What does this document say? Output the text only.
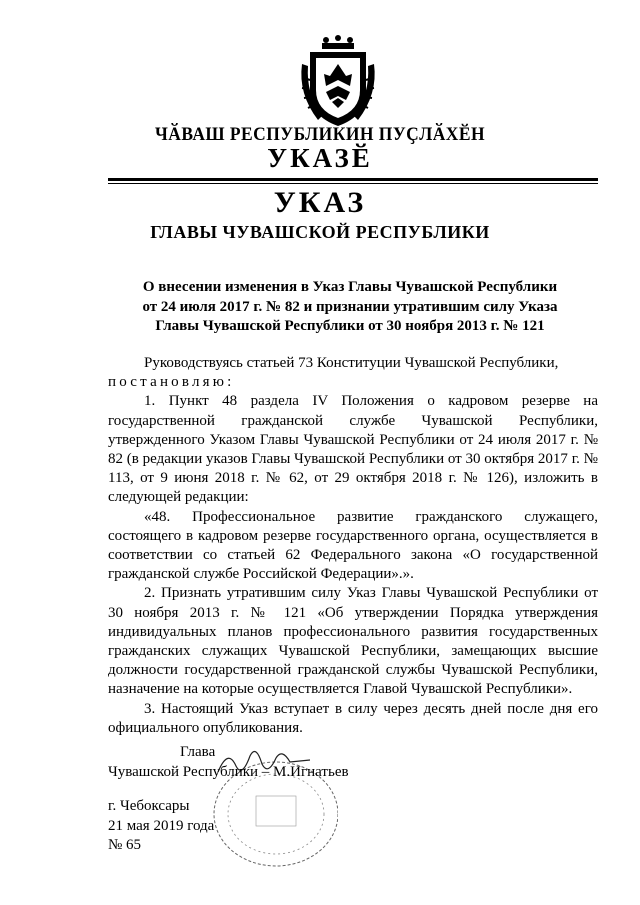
ЧӐВАШ РЕСПУБЛИКИН ПУҪЛӐХӖН
УКАЗӖ
УКАЗ
ГЛАВЫ ЧУВАШСКОЙ РЕСПУБЛИКИ
О внесении изменения в Указ Главы Чувашской Республики
от 24 июля 2017 г. № 82 и признании утратившим силу Указа
Главы Чувашской Республики от 30 ноября 2013 г. № 121

Руководствуясь статьей 73 Конституции Чувашской Республики,

постановляю:

1. Пункт 48 раздела IV Положения о кадровом резерве на государственной гражданской службе Чувашской Республики, утвержденного Указом Главы Чувашской Республики от 24 июля 2017 г. № 82 (в редакции указов Главы Чувашской Республики от 30 октября 2017 г. № 113, от 9 июня 2018 г. № 62, от 29 октября 2018 г. № 126), изложить в следующей редакции:

«48. Профессиональное развитие гражданского служащего, состоящего в кадровом резерве государственного органа, осуществляется в соответствии со статьей 62 Федерального закона «О государственной гражданской службе Российской Федерации».».

2. Признать утратившим силу Указ Главы Чувашской Республики от 30 ноября 2013 г. № 121 «Об утверждении Порядка утверждения индивидуальных планов профессионального развития государственных гражданских служащих Чувашской Республики, замещающих высшие должности государственной гражданской службы Чувашской Республики, назначение на которые осуществляется Главой Чувашской Республики».

3. Настоящий Указ вступает в силу через десять дней после дня его официального опубликования.

Глава
Чувашской Республики – М.Игнатьев
г. Чебоксары
21 мая 2019 года
№ 65
